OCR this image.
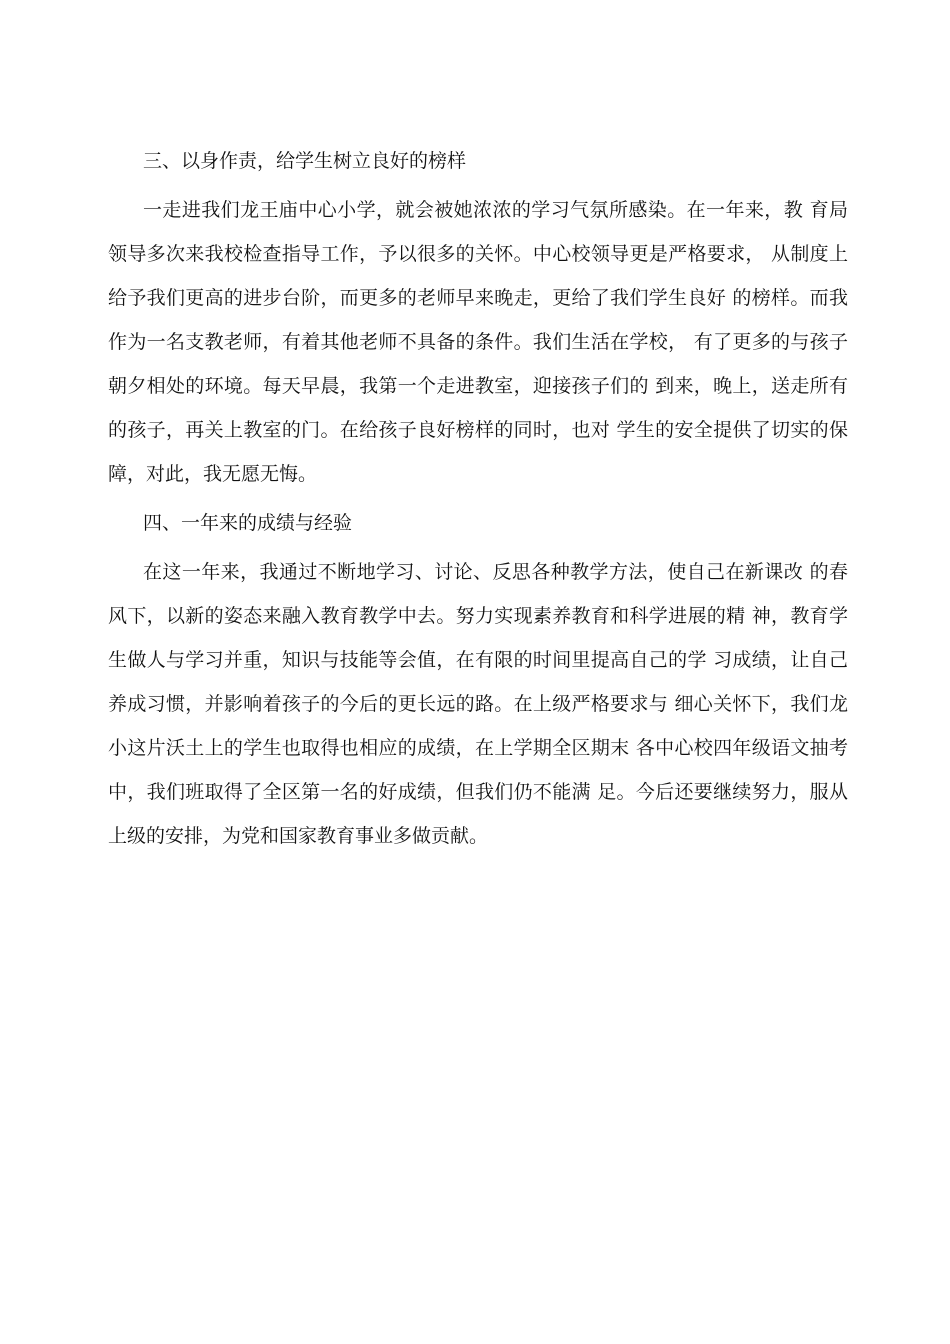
三、以身作责，给学生树立良好的榜样

一走进我们龙王庙中心小学，就会被她浓浓的学习气氛所感染。在一年来，教 育局领导多次来我校检查指导工作，予以很多的关怀。中心校领导更是严格要求， 从制度上给予我们更高的进步台阶，而更多的老师早来晚走，更给了我们学生良好 的榜样。而我作为一名支教老师，有着其他老师不具备的条件。我们生活在学校， 有了更多的与孩子朝夕相处的环境。每天早晨，我第一个走进教室，迎接孩子们的 到来，晚上，送走所有的孩子，再关上教室的门。在给孩子良好榜样的同时，也对 学生的安全提供了切实的保障，对此，我无愿无悔。

四、一年来的成绩与经验

在这一年来，我通过不断地学习、讨论、反思各种教学方法，使自己在新课改 的春风下，以新的姿态来融入教育教学中去。努力实现素养教育和科学进展的精 神，教育学生做人与学习并重，知识与技能等会值，在有限的时间里提高自己的学 习成绩，让自己养成习惯，并影响着孩子的今后的更长远的路。在上级严格要求与 细心关怀下，我们龙小这片沃土上的学生也取得也相应的成绩，在上学期全区期末 各中心校四年级语文抽考中，我们班取得了全区第一名的好成绩，但我们仍不能满 足。今后还要继续努力，服从上级的安排，为党和国家教育事业多做贡献。
